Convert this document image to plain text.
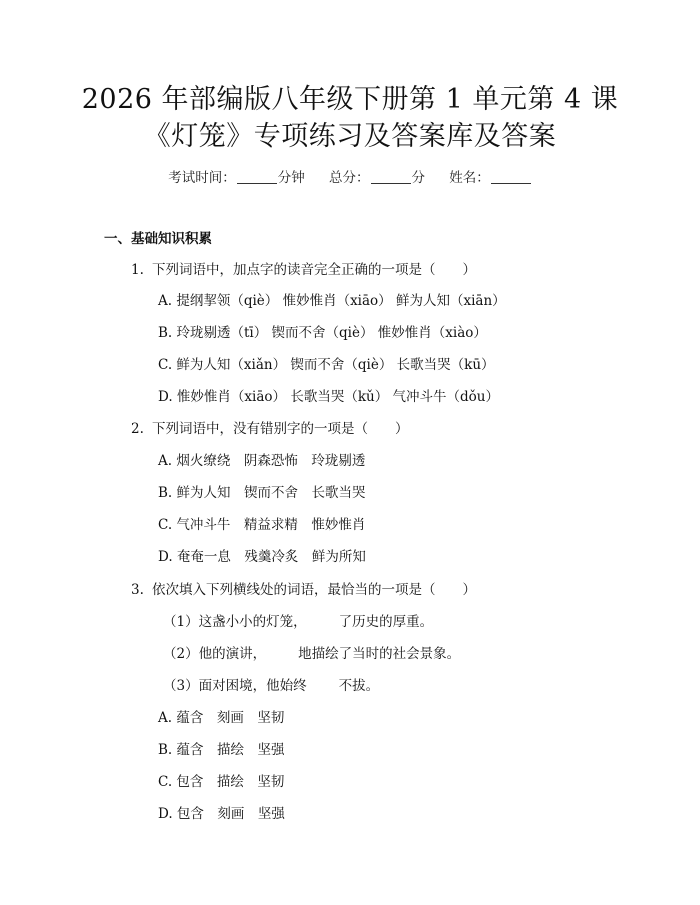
2026 年部编版八年级下册第 1 单元第 4 课
《灯笼》专项练习及答案库及答案
考试时间：	分钟 总分：	分 姓名：
一、基础知识积累
1. 下列词语中，加点字的读音完全正确的一项是（　　）
A. 提纲挈领（qiè） 惟妙惟肖（xiāo） 鲜为人知（xiān）
B. 玲珑剔透（tī） 锲而不舍（qiè） 惟妙惟肖（xiào）
C. 鲜为人知（xiǎn） 锲而不舍（qiè） 长歌当哭（kū）
D. 惟妙惟肖（xiāo） 长歌当哭（kǔ） 气冲斗牛（dǒu）
2. 下列词语中，没有错别字的一项是（　　）
A. 烟火缭绕　阴森恐怖　玲珑剔透
B. 鲜为人知　锲而不舍　长歌当哭
C. 气冲斗牛　精益求精　惟妙惟肖
D. 奄奄一息　残羹冷炙　鲜为所知
3. 依次填入下列横线处的词语，最恰当的一项是（　　）
（1）这盏小小的灯笼， 了历史的厚重。
（2）他的演讲， 地描绘了当时的社会景象。
（3）面对困境，他始终 不拔。
A. 蕴含　刻画　坚韧
B. 蕴含　描绘　坚强
C. 包含　描绘　坚韧
D. 包含　刻画　坚强
